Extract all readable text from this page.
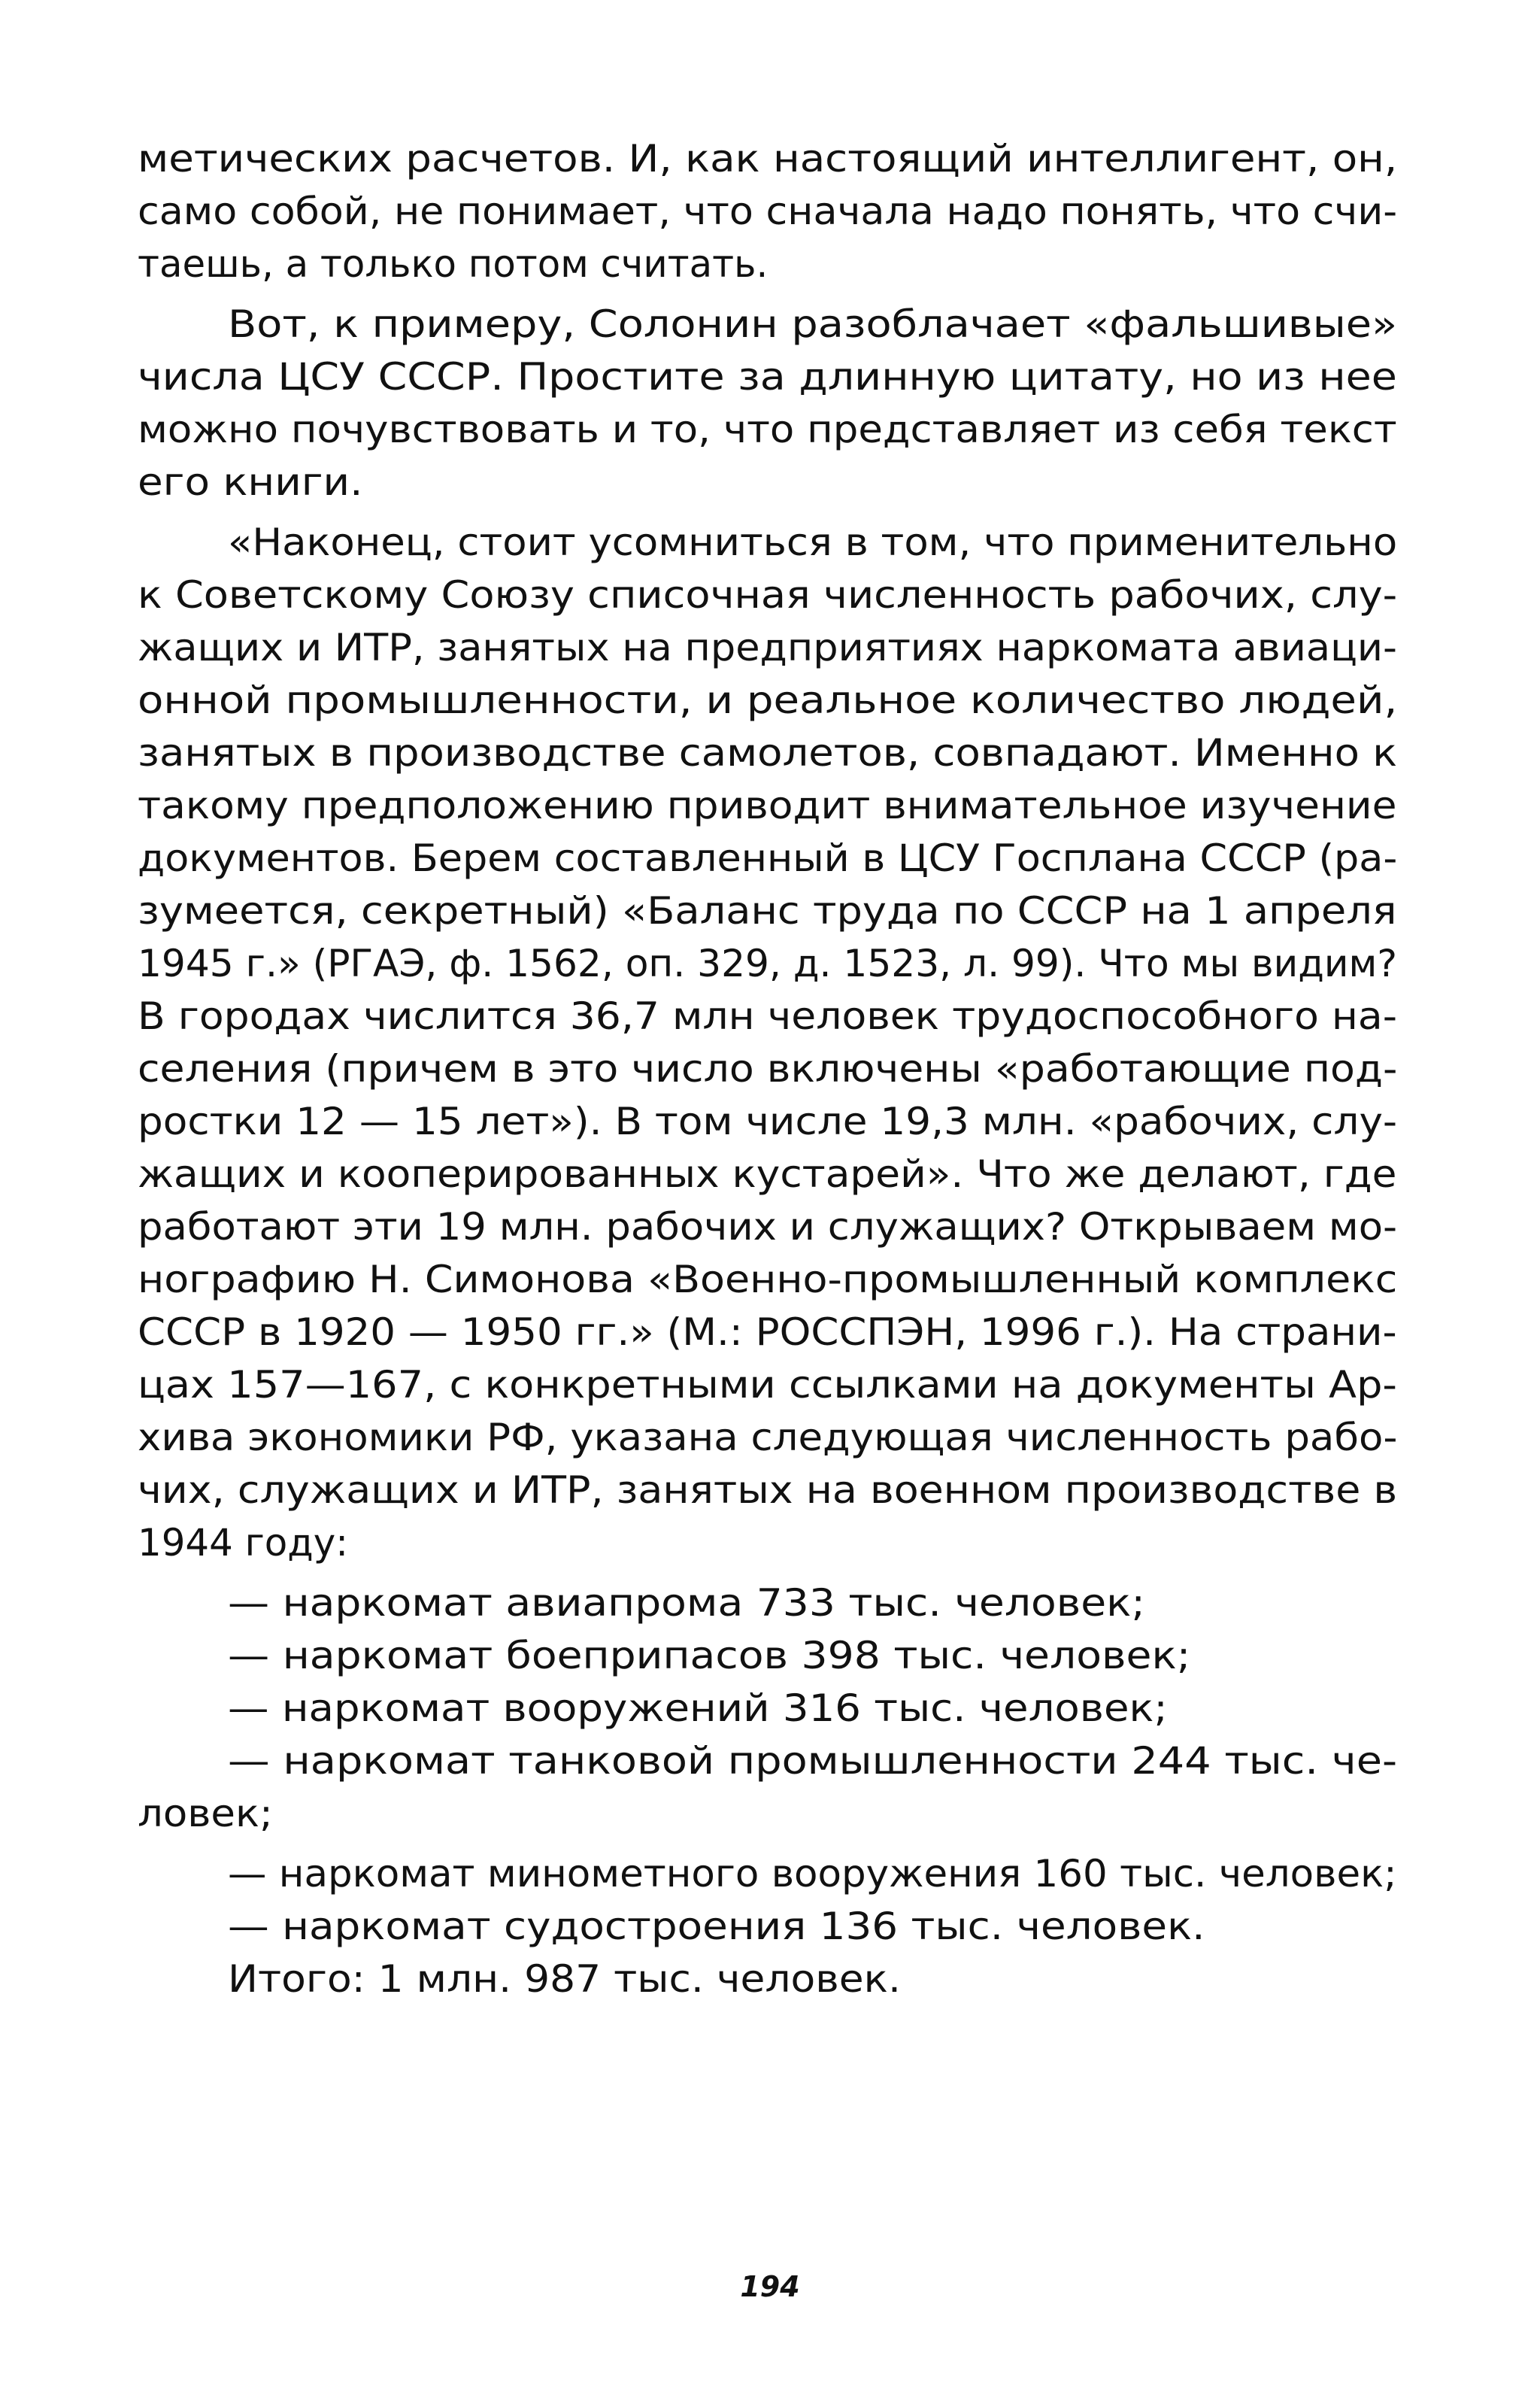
метических расчетов. И, как настоящий интеллигент, он,
само собой, не понимает, что сначала надо понять, что счи-
таешь, а только потом считать.
Вот, к примеру, Солонин разоблачает «фальшивые»
числа ЦСУ СССР. Простите за длинную цитату, но из нее
можно почувствовать и то, что представляет из себя текст
его книги.
«Наконец, стоит усомниться в том, что применительно
к Советскому Союзу списочная численность рабочих, слу-
жащих и ИТР, занятых на предприятиях наркомата авиаци-
онной промышленности, и реальное количество людей,
занятых в производстве самолетов, совпадают. Именно к
такому предположению приводит внимательное изучение
документов. Берем составленный в ЦСУ Госплана СССР (ра-
зумеется, секретный) «Баланс труда по СССР на 1 апреля
1945 г.» (РГАЭ, ф. 1562, оп. 329, д. 1523, л. 99). Что мы видим?
В городах числится 36,7 млн человек трудоспособного на-
селения (причем в это число включены «работающие под-
ростки 12 — 15 лет»). В том числе 19,3 млн. «рабочих, слу-
жащих и кооперированных кустарей». Что же делают, где
работают эти 19 млн. рабочих и служащих? Открываем мо-
нографию Н. Симонова «Военно-промышленный комплекс
СССР в 1920 — 1950 гг.» (М.: РОССПЭН, 1996 г.). На страни-
цах 157—167, с конкретными ссылками на документы Ар-
хива экономики РФ, указана следующая численность рабо-
чих, служащих и ИТР, занятых на военном производстве в
1944 году:
— наркомат авиапрома 733 тыс. человек;
— наркомат боеприпасов 398 тыс. человек;
— наркомат вооружений 316 тыс. человек;
— наркомат танковой промышленности 244 тыс. че-
ловек;
— наркомат минометного вооружения 160 тыс. человек;
— наркомат судостроения 136 тыс. человек.
Итого: 1 млн. 987 тыс. человек.
194
